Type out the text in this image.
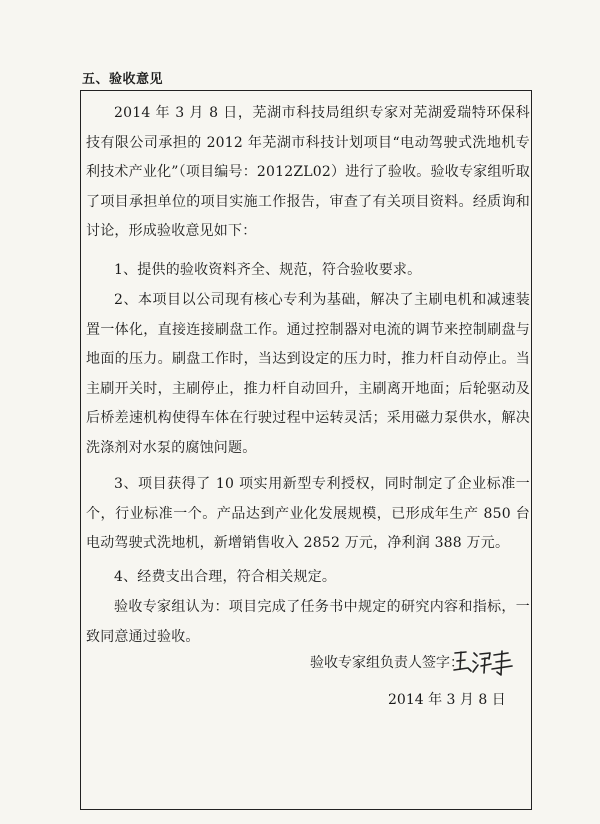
五、验收意见
2014 年 3 月 8 日，芜湖市科技局组织专家对芜湖爱瑞特环保科技有限公司承担的 2012 年芜湖市科技计划项目“电动驾驶式洗地机专利技术产业化”（项目编号：2012ZL02）进行了验收。验收专家组听取了项目承担单位的项目实施工作报告，审查了有关项目资料。经质询和讨论，形成验收意见如下：
1、提供的验收资料齐全、规范，符合验收要求。
2、本项目以公司现有核心专利为基础，解决了主刷电机和减速装置一体化，直接连接刷盘工作。通过控制器对电流的调节来控制刷盘与地面的压力。刷盘工作时，当达到设定的压力时，推力杆自动停止。当主刷开关时，主刷停止，推力杆自动回升，主刷离开地面；后轮驱动及后桥差速机构使得车体在行驶过程中运转灵活；采用磁力泵供水，解决洗涤剂对水泵的腐蚀问题。
3、项目获得了 10 项实用新型专利授权，同时制定了企业标准一个，行业标准一个。产品达到产业化发展规模，已形成年生产 850 台电动驾驶式洗地机，新增销售收入 2852 万元，净利润 388 万元。
4、经费支出合理，符合相关规定。
验收专家组认为：项目完成了任务书中规定的研究内容和指标，一致同意通过验收。
验收专家组负责人签字：
2014 年 3 月 8 日
